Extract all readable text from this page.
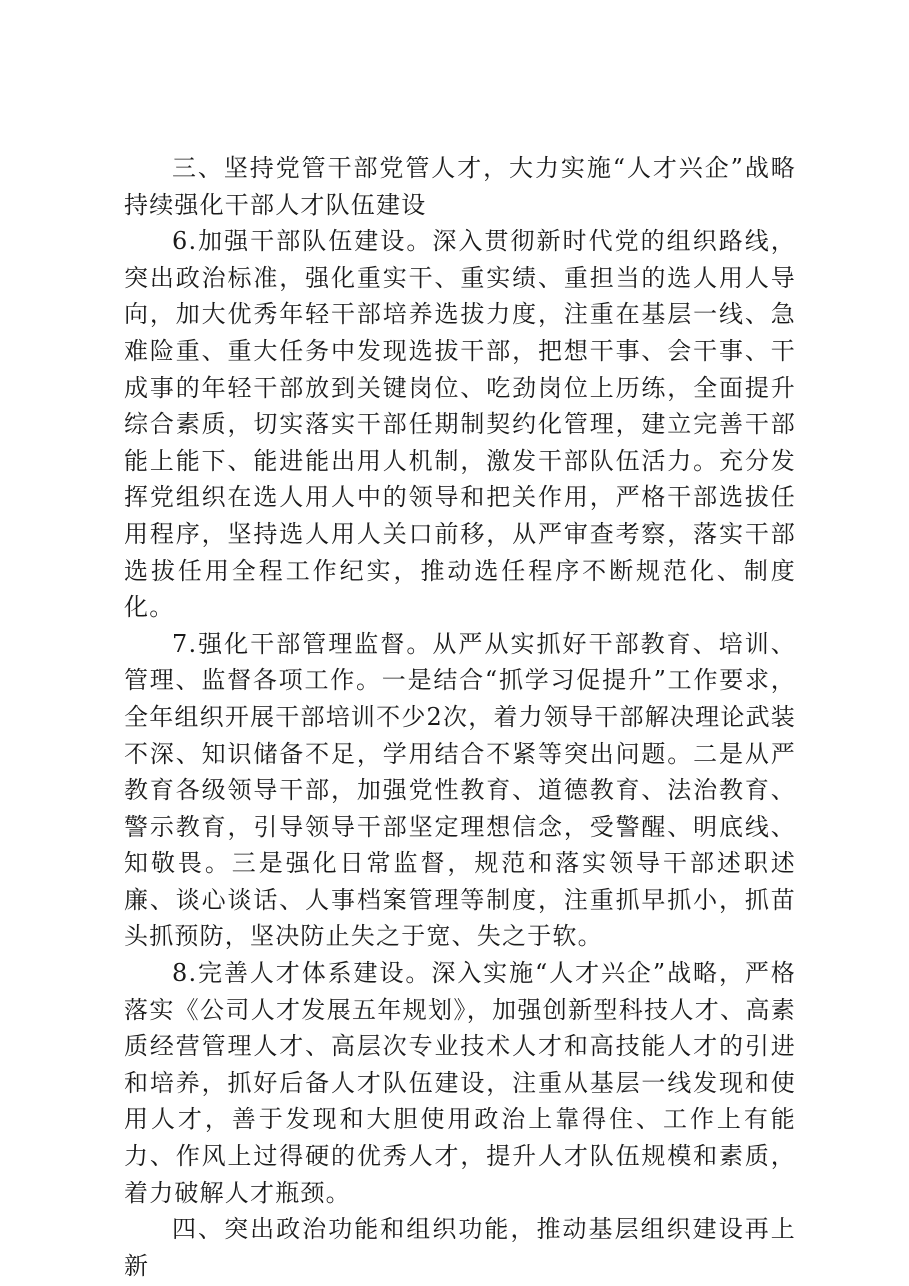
三、坚持党管干部党管人才，大力实施“人才兴企”战略持续强化干部人才队伍建设

6.加强干部队伍建设。深入贯彻新时代党的组织路线，突出政治标准，强化重实干、重实绩、重担当的选人用人导向，加大优秀年轻干部培养选拔力度，注重在基层一线、急难险重、重大任务中发现选拔干部，把想干事、会干事、干成事的年轻干部放到关键岗位、吃劲岗位上历练，全面提升综合素质，切实落实干部任期制契约化管理，建立完善干部能上能下、能进能出用人机制，激发干部队伍活力。充分发挥党组织在选人用人中的领导和把关作用，严格干部选拔任用程序，坚持选人用人关口前移，从严审查考察，落实干部选拔任用全程工作纪实，推动选任程序不断规范化、制度化。

7.强化干部管理监督。从严从实抓好干部教育、培训、管理、监督各项工作。一是结合“抓学习促提升”工作要求，全年组织开展干部培训不少2次，着力领导干部解决理论武装不深、知识储备不足，学用结合不紧等突出问题。二是从严教育各级领导干部，加强党性教育、道德教育、法治教育、警示教育，引导领导干部坚定理想信念，受警醒、明底线、知敬畏。三是强化日常监督，规范和落实领导干部述职述廉、谈心谈话、人事档案管理等制度，注重抓早抓小，抓苗头抓预防，坚决防止失之于宽、失之于软。

8.完善人才体系建设。深入实施“人才兴企”战略，严格落实《公司人才发展五年规划》，加强创新型科技人才、高素质经营管理人才、高层次专业技术人才和高技能人才的引进和培养，抓好后备人才队伍建设，注重从基层一线发现和使用人才，善于发现和大胆使用政治上靠得住、工作上有能力、作风上过得硬的优秀人才，提升人才队伍规模和素质，着力破解人才瓶颈。

四、突出政治功能和组织功能，推动基层组织建设再上新
